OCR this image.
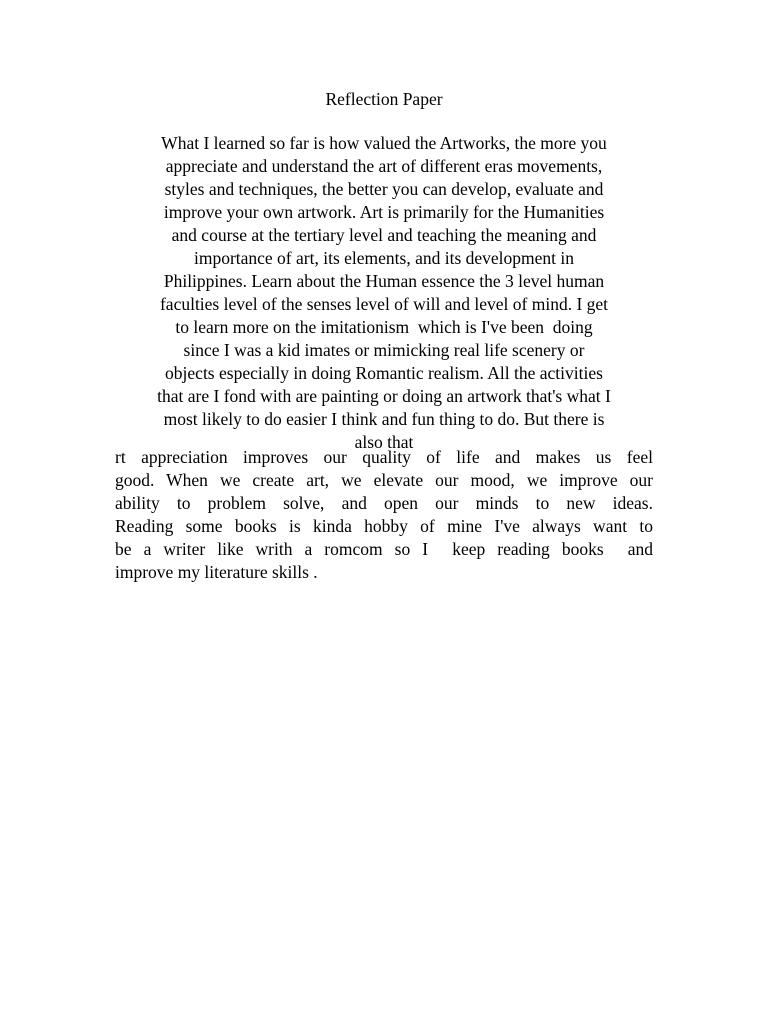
Reflection Paper
What I learned so far is how valued the Artworks, the more you
appreciate and understand the art of different eras movements,
styles and techniques, the better you can develop, evaluate and
improve your own artwork. Art is primarily for the Humanities
and course at the tertiary level and teaching the meaning and
importance of art, its elements, and its development in
Philippines. Learn about the Human essence the 3 level human
faculties level of the senses level of will and level of mind. I get
to learn more on the imitationism  which is I've been  doing
since I was a kid imates or mimicking real life scenery or
objects especially in doing Romantic realism. All the activities
that are I fond with are painting or doing an artwork that's what I
most likely to do easier I think and fun thing to do. But there is
also that
rt appreciation improves our quality of life and makes us feel
good. When we create art, we elevate our mood, we improve our
ability to problem solve, and open our minds to new ideas.
Reading some books is kinda hobby of mine I've always want to
be a writer like writh a romcom so I  keep reading books  and
improve my literature skills .
